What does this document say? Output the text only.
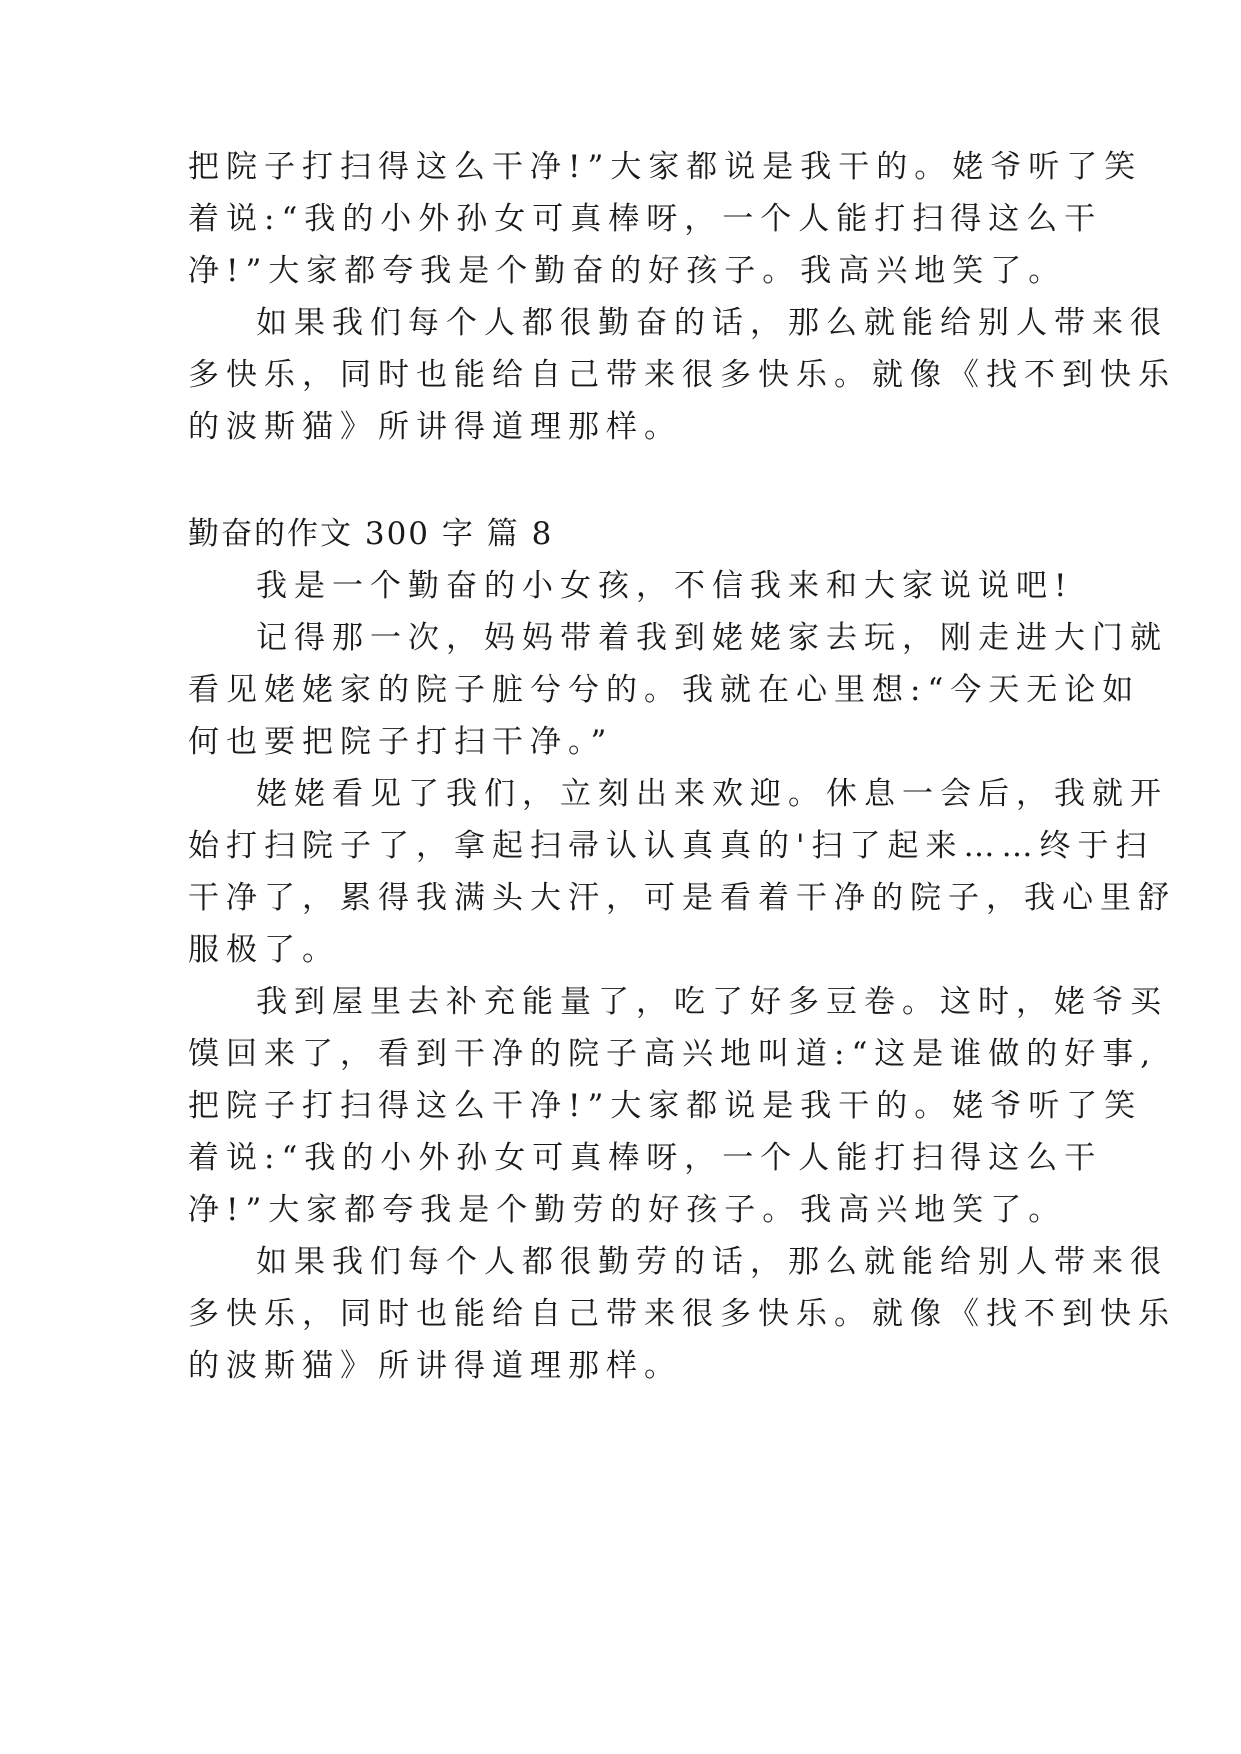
把院子打扫得这么干净!”大家都说是我干的。姥爷听了笑
着说:“我的小外孙女可真棒呀，一个人能打扫得这么干
净!”大家都夸我是个勤奋的好孩子。我高兴地笑了。
如果我们每个人都很勤奋的话，那么就能给别人带来很
多快乐，同时也能给自己带来很多快乐。就像《找不到快乐
的波斯猫》所讲得道理那样。
勤奋的作文 300 字 篇 8
我是一个勤奋的小女孩，不信我来和大家说说吧!
记得那一次，妈妈带着我到姥姥家去玩，刚走进大门就
看见姥姥家的院子脏兮兮的。我就在心里想:“今天无论如
何也要把院子打扫干净。”
姥姥看见了我们，立刻出来欢迎。休息一会后，我就开
始打扫院子了，拿起扫帚认认真真的'扫了起来……终于扫
干净了，累得我满头大汗，可是看着干净的院子，我心里舒
服极了。
我到屋里去补充能量了，吃了好多豆卷。这时，姥爷买
馍回来了，看到干净的院子高兴地叫道:“这是谁做的好事,
把院子打扫得这么干净!”大家都说是我干的。姥爷听了笑
着说:“我的小外孙女可真棒呀，一个人能打扫得这么干
净!”大家都夸我是个勤劳的好孩子。我高兴地笑了。
如果我们每个人都很勤劳的话，那么就能给别人带来很
多快乐，同时也能给自己带来很多快乐。就像《找不到快乐
的波斯猫》所讲得道理那样。
